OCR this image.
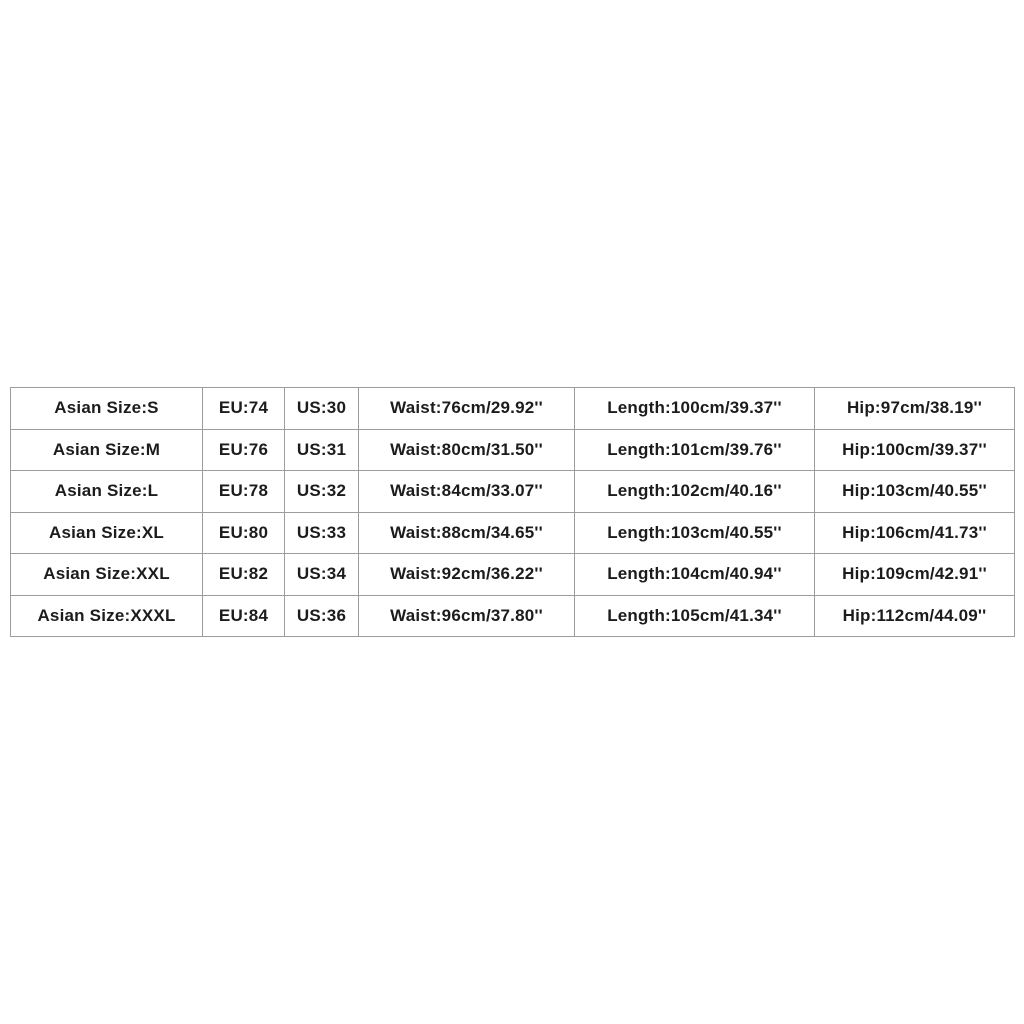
Asian Size:S	EU:74	US:30	Waist:76cm/29.92''	Length:100cm/39.37''	Hip:97cm/38.19''
Asian Size:M	EU:76	US:31	Waist:80cm/31.50''	Length:101cm/39.76''	Hip:100cm/39.37''
Asian Size:L	EU:78	US:32	Waist:84cm/33.07''	Length:102cm/40.16''	Hip:103cm/40.55''
Asian Size:XL	EU:80	US:33	Waist:88cm/34.65''	Length:103cm/40.55''	Hip:106cm/41.73''
Asian Size:XXL	EU:82	US:34	Waist:92cm/36.22''	Length:104cm/40.94''	Hip:109cm/42.91''
Asian Size:XXXL	EU:84	US:36	Waist:96cm/37.80''	Length:105cm/41.34''	Hip:112cm/44.09''
